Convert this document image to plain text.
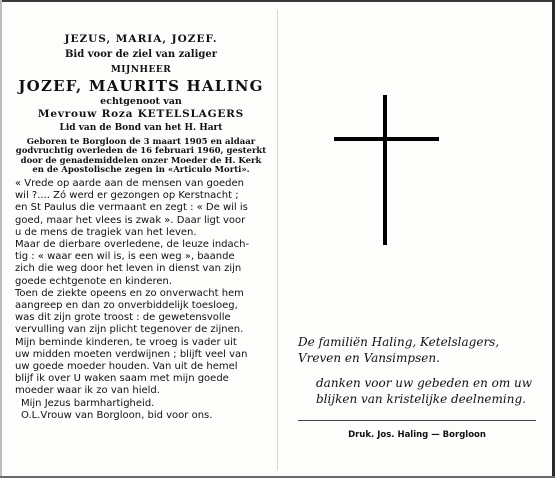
JEZUS, MARIA, JOZEF.
Bid voor de ziel van zaliger
MIJNHEER
JOZEF, MAURITS HALING
echtgenoot van
Mevrouw Roza KETELSLAGERS
Lid van de Bond van het H. Hart
Geboren te Borgloon de 3 maart 1905 en aldaar
godvruchtig overleden de 16 februari 1960, gesterkt
door de genademiddelen onzer Moeder de H. Kerk
en de Apostolische zegen in «Articulo Morti».
« Vrede op aarde aan de mensen van goeden
wil ?.... Zó werd er gezongen op Kerstnacht ;
en St Paulus die vermaant en zegt : « De wil is
goed, maar het vlees is zwak ». Daar ligt voor
u de mens de tragiek van het leven.
Maar de dierbare overledene, de leuze indach-
tig : « waar een wil is, is een weg », baande
zich die weg door het leven in dienst van zijn
goede echtgenote en kinderen.
Toen de ziekte opeens en zo onverwacht hem
aangreep en dan zo onverbiddelijk toesloeg,
was dit zijn grote troost : de gewetensvolle
vervulling van zijn plicht tegenover de zijnen.
Mijn beminde kinderen, te vroeg is vader uit
uw midden moeten verdwijnen ; blijft veel van
uw goede moeder houden. Van uit de hemel
blijf ik over U waken saam met mijn goede
moeder waar ik zo van hield.
Mijn Jezus barmhartigheid.
O.L.Vrouw van Borgloon, bid voor ons.
De familiën Haling, Ketelslagers,
Vreven en Vansimpsen.
danken voor uw gebeden en om uw
blijken van kristelijke deelneming.
Druk. Jos. Haling — Borgloon
